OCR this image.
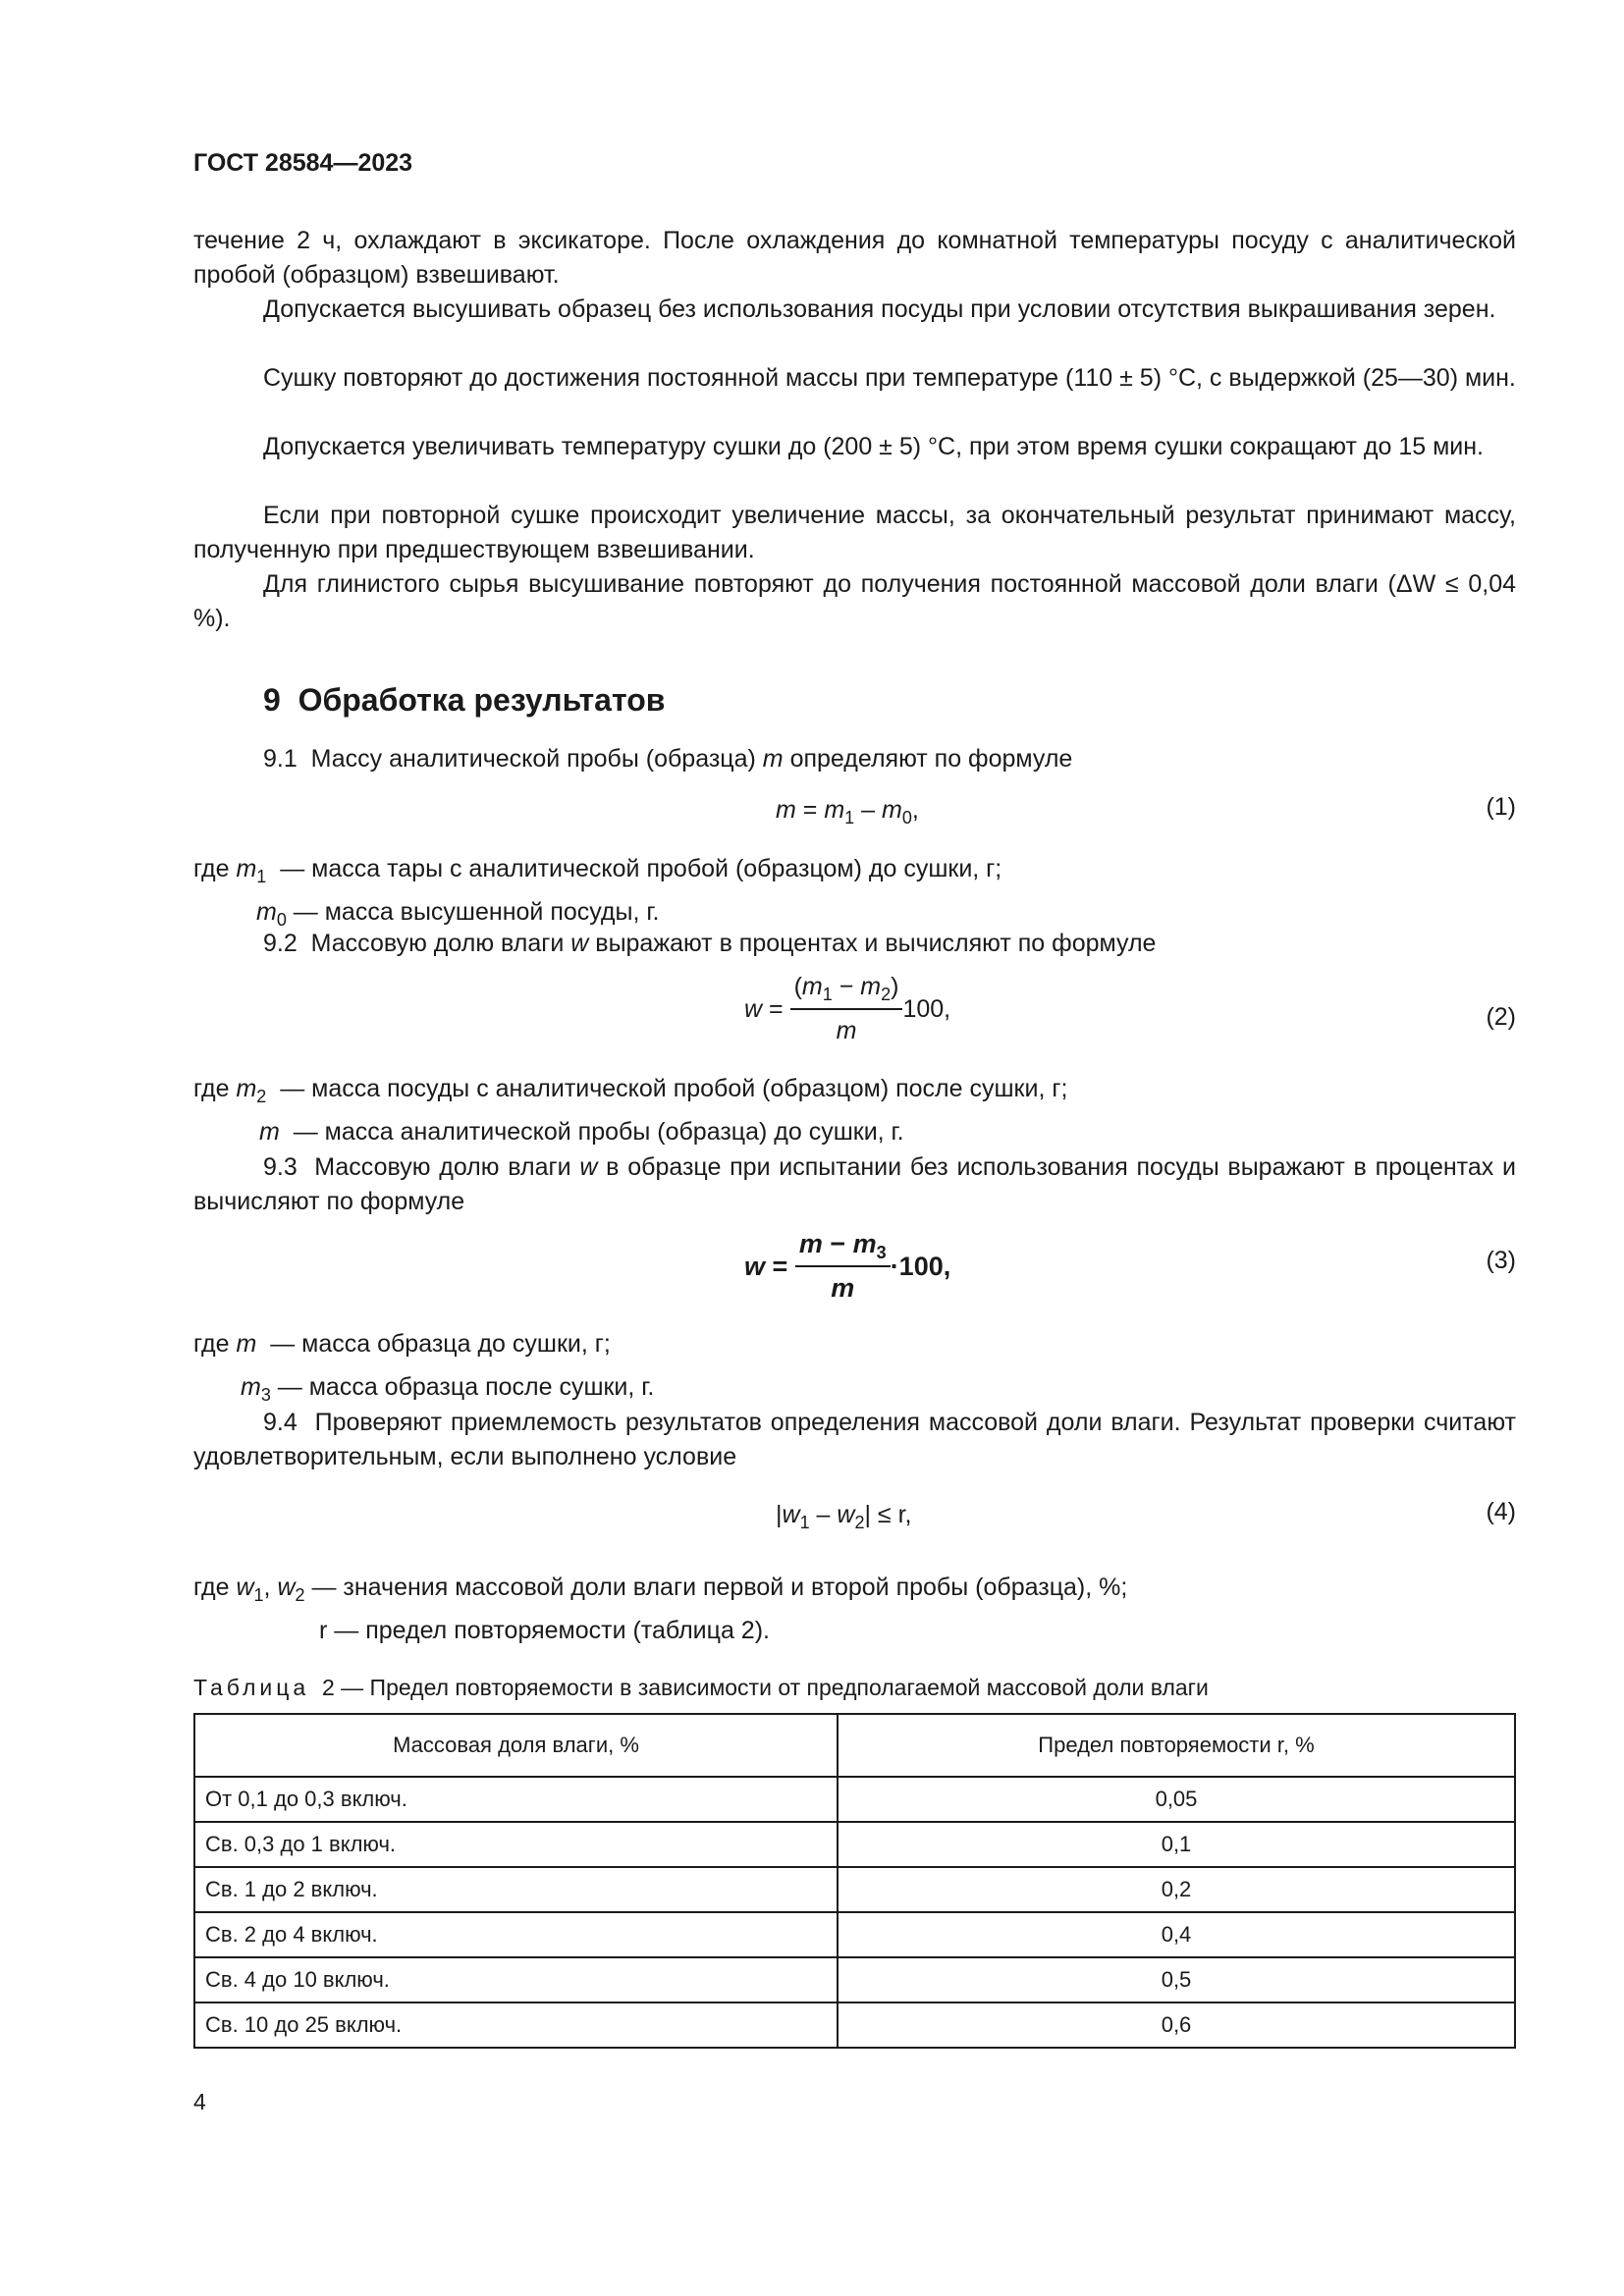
ГОСТ 28584—2023

течение 2 ч, охлаждают в эксикаторе. После охлаждения до комнатной температуры посуду с аналитической пробой (образцом) взвешивают.

Допускается высушивать образец без использования посуды при условии отсутствия выкрашивания зерен.

Сушку повторяют до достижения постоянной массы при температуре (110 ± 5) °С, с выдержкой (25—30) мин.

Допускается увеличивать температуру сушки до (200 ± 5) °С, при этом время сушки сокращают до 15 мин.

Если при повторной сушке происходит увеличение массы, за окончательный результат принимают массу, полученную при предшествующем взвешивании.

Для глинистого сырья высушивание повторяют до получения постоянной массовой доли влаги (ΔW ≤ 0,04 %).

9 Обработка результатов
9.1 Массу аналитической пробы (образца) m определяют по формуле
$m = m_1 - m_0$,	(1)
где $m_1$ — масса тары с аналитической пробой (образцом) до сушки, г;
$m_0$ — масса высушенной посуды, г.
9.2 Массовую долю влаги w выражают в процентах и вычисляют по формуле
w
=
$\frac{(m_1 - m_2)}{m} 100$,	(2)
где $m_2$ — масса посуды с аналитической пробой (образцом) после сушки, г;
m — масса аналитической пробы (образца) до сушки, г.

9.3 Массовую долю влаги w в образце при испытании без использования посуды выражают в процентах и вычисляют по формуле

w
=
$\frac{m - m_3}{m} \cdot 100$,	(3)
где m — масса образца до сушки, г;
$m_3$ — масса образца после сушки, г.

9.4 Проверяют приемлемость результатов определения массовой доли влаги. Результат проверки считают удовлетворительным, если выполнено условие

$|w_1 - w_2| \le r$,	(4)
где $w_1$, $w_2$ — значения массовой доли влаги первой и второй пробы (образца), %;
r — предел повторяемости (таблица 2).
Таблица 2 — Предел повторяемости в зависимости от предполагаемой массовой доли влаги
Массовая доля влаги, %	Предел повторяемости r, %
От 0,1 до 0,3 включ.	0,05
Св. 0,3 до 1 включ.	0,1
Св. 1 до 2 включ.	0,2
Св. 2 до 4 включ.	0,4
Св. 4 до 10 включ.	0,5
Св. 10 до 25 включ.	0,6
4
